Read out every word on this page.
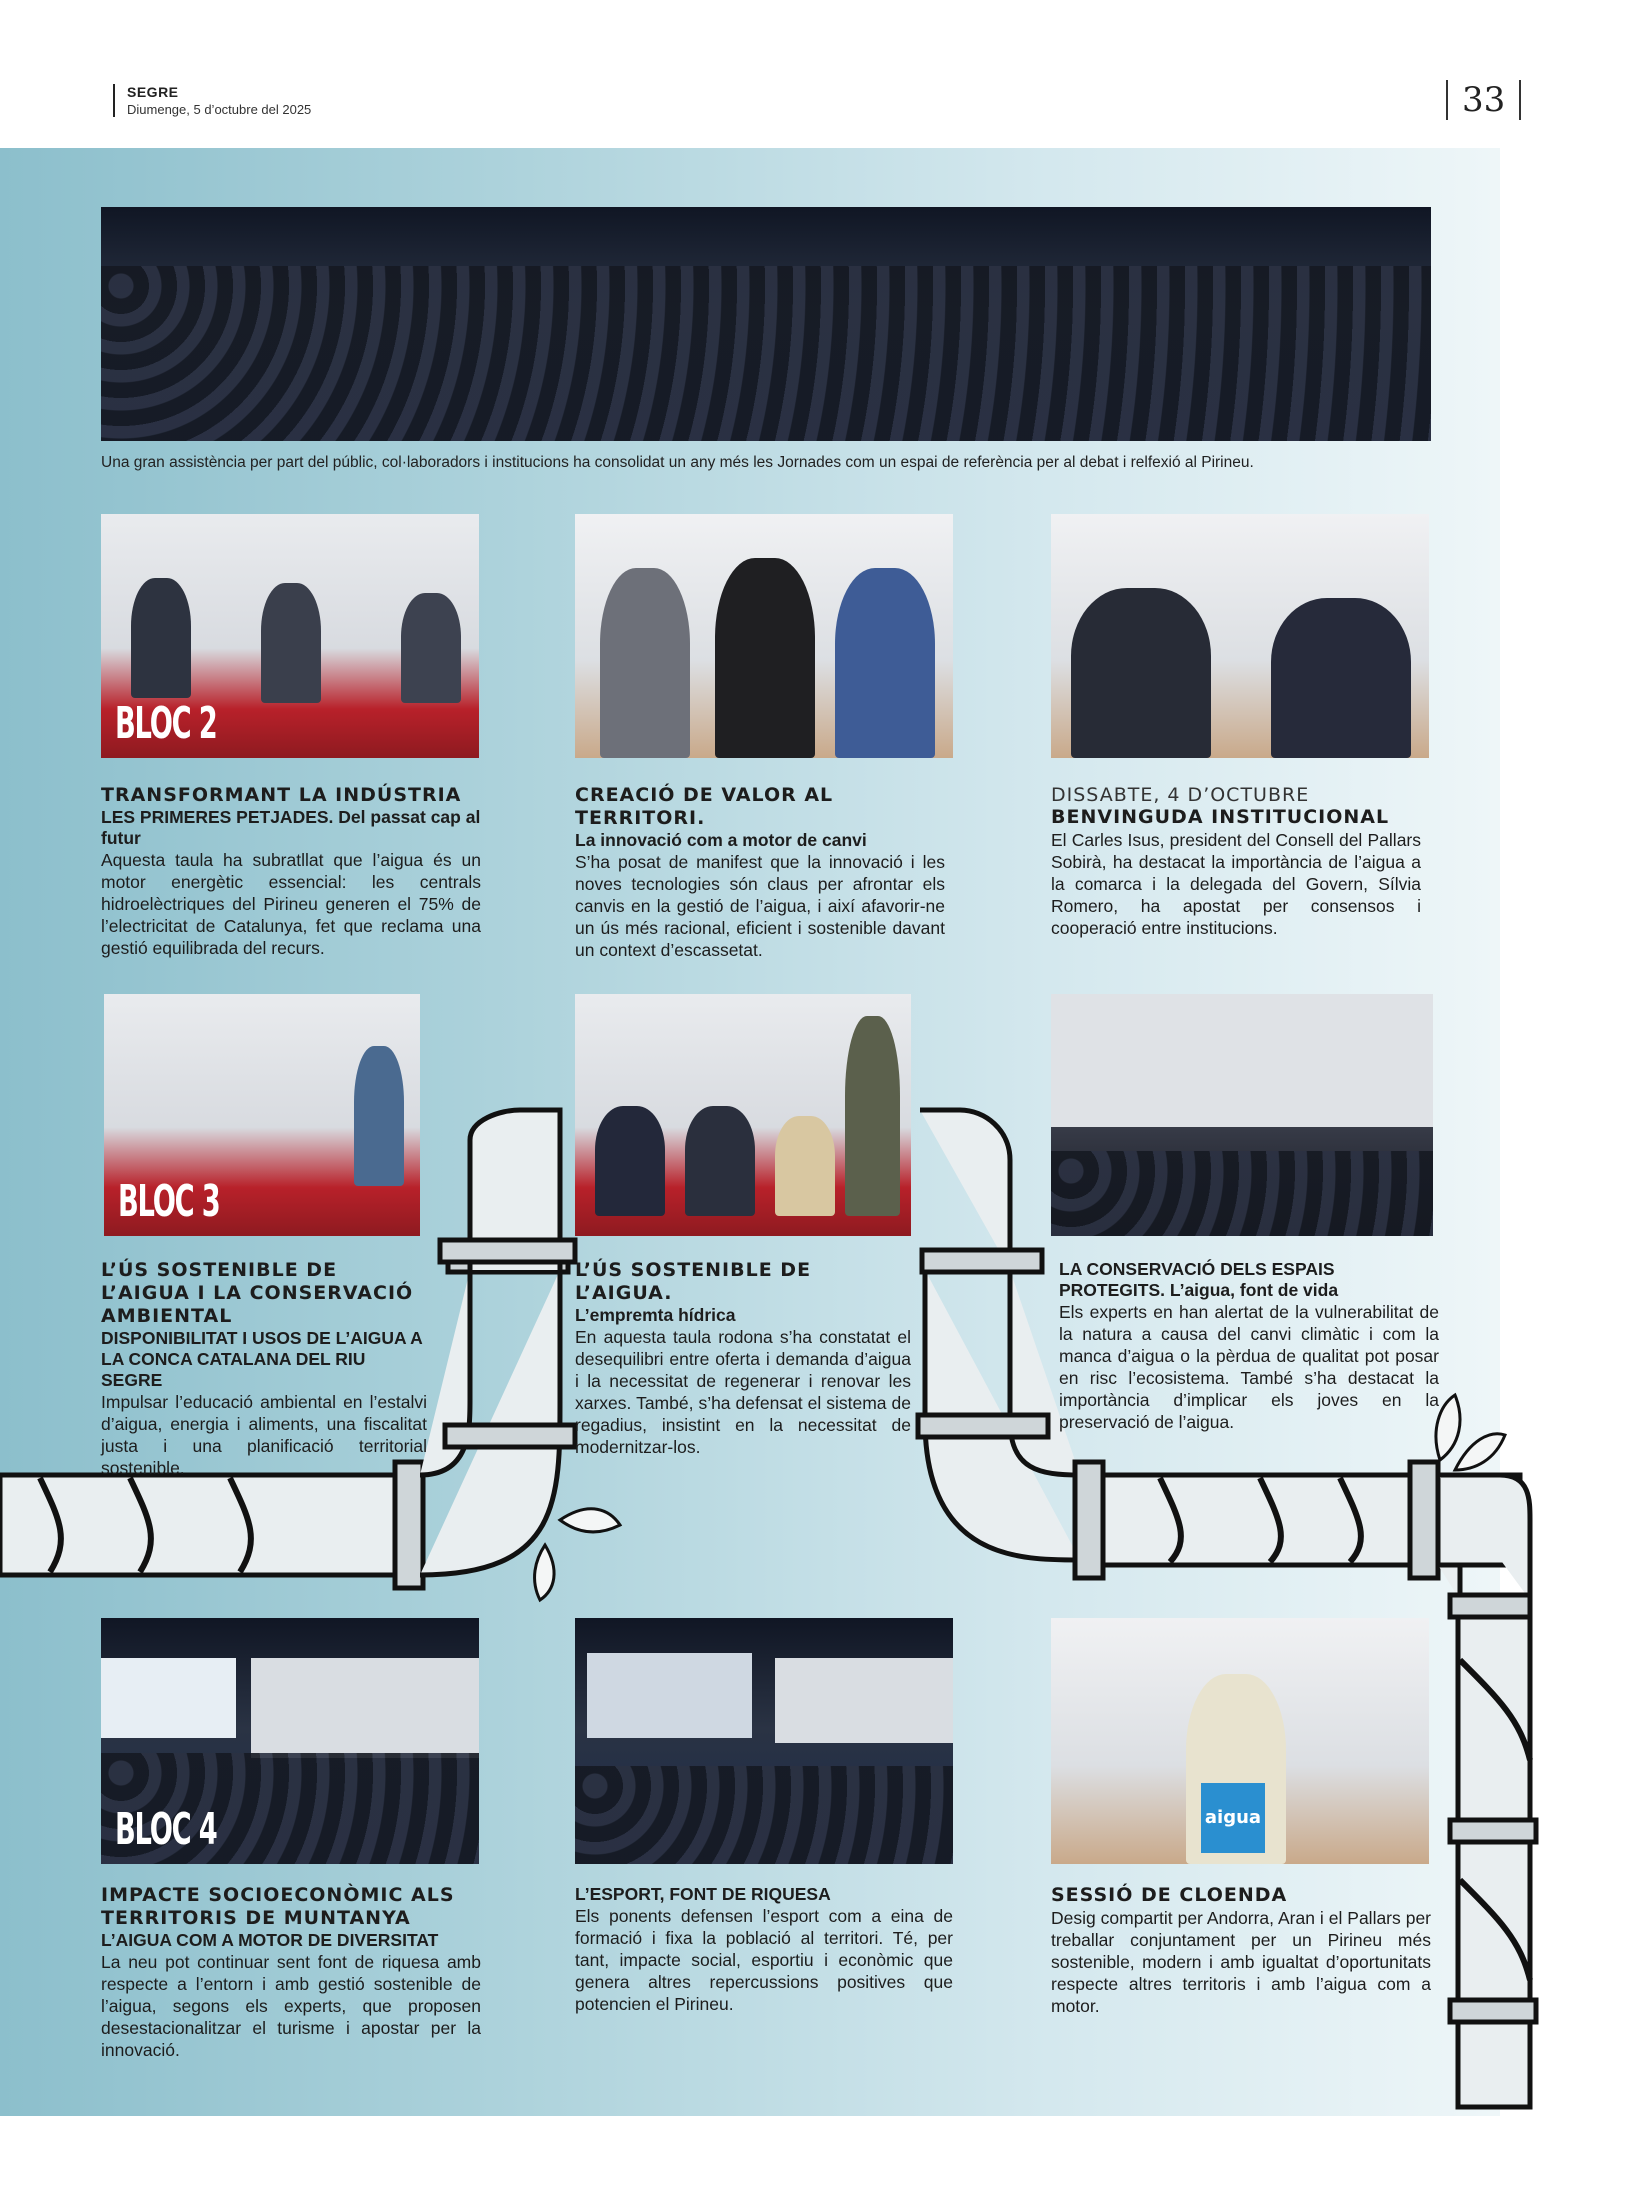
SEGRE
Diumenge, 5 d’octubre del 2025	33
Una gran assistència per part del públic, col·laboradors i institucions ha consolidat un any més les Jornades com un espai de referència per al debat i relfexió al Pirineu.
BLOC 2
TRANSFORMANT LA INDÚSTRIA
LES PRIMERES PETJADES. Del passat cap al futur
Aquesta taula ha subratllat que l’aigua és un motor energètic essencial: les centrals hidroelèctriques del Pirineu generen el 75% de l’electricitat de Catalunya, fet que reclama una gestió equilibrada del recurs.
CREACIÓ DE VALOR AL TERRITORI.
La innovació com a motor de canvi
S’ha posat de manifest que la innovació i les noves tecnologies són claus per afrontar els canvis en la gestió de l’aigua, i així afavorir-ne un ús més racional, eficient i sostenible davant un context d’escassetat.
DISSABTE, 4 D’OCTUBRE
BENVINGUDA INSTITUCIONAL
El Carles Isus, president del Consell del Pallars Sobirà, ha destacat la importància de l’aigua a la comarca i la delegada del Govern, Sílvia Romero, ha apostat per consensos i cooperació entre institucions.
BLOC 3
L’ÚS SOSTENIBLE DE L’AIGUA I LA CONSERVACIÓ AMBIENTAL
DISPONIBILITAT I USOS DE L’AIGUA A LA CONCA CATALANA DEL RIU SEGRE
Impulsar l’educació ambiental en l’estalvi d’aigua, energia i aliments, una fiscalitat justa i una planificació territorial sostenible.
L’ÚS SOSTENIBLE DE L’AIGUA.
L’empremta hídrica
En aquesta taula rodona s’ha constatat el desequilibri entre oferta i demanda d’aigua i la necessitat de regenerar i renovar les xarxes. També, s’ha defensat el sistema de regadius, insistint en la necessitat de modernitzar-los.
LA CONSERVACIÓ DELS ESPAIS PROTEGITS. L’aigua, font de vida
Els experts en han alertat de la vulnerabilitat de la natura a causa del canvi climàtic i com la manca d’aigua o la pèrdua de qualitat pot posar en risc l’ecosistema. També s’ha destacat la importància d’implicar els joves en la preservació de l’aigua.
BLOC 4	aigua
IMPACTE SOCIOECONÒMIC ALS TERRITORIS DE MUNTANYA
L’AIGUA COM A MOTOR DE DIVERSITAT
La neu pot continuar sent font de riquesa amb respecte a l’entorn i amb gestió sostenible de l’aigua, segons els experts, que proposen desestacionalitzar el turisme i apostar per la innovació.
L’ESPORT, FONT DE RIQUESA
Els ponents defensen l’esport com a eina de formació i fixa la població al territori. Té, per tant, impacte social, esportiu i econòmic que genera altres repercussions positives que potencien el Pirineu.
SESSIÓ DE CLOENDA
Desig compartit per Andorra, Aran i el Pallars per treballar conjuntament per un Pirineu més sostenible, modern i amb igualtat d’oportunitats respecte altres territoris i amb l’aigua com a motor.
